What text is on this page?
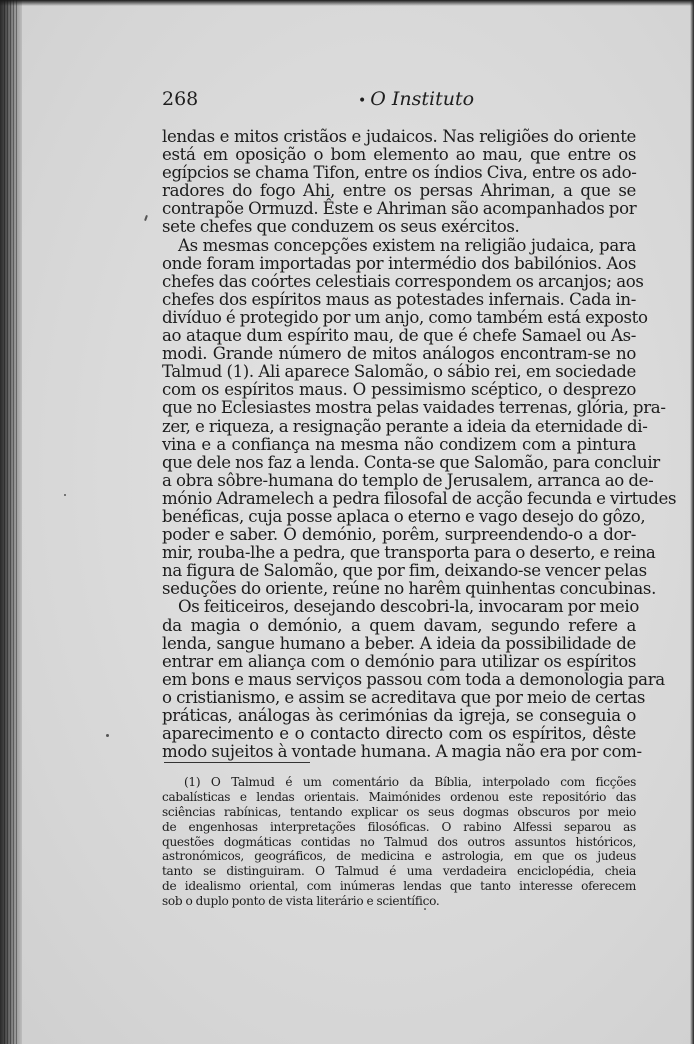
268	• O Instituto
lendas e mitos cristãos e judaicos. Nas religiões do oriente
está em oposição o bom elemento ao mau, que entre os
egípcios se chama Tifon, entre os índios Civa, entre os ado-
radores do fogo Ahi, entre os persas Ahriman, a que se
contrapõe Ormuzd. Êste e Ahriman são acompanhados por
sete chefes que conduzem os seus exércitos.
As mesmas concepções existem na religião judaica, para
onde foram importadas por intermédio dos babilónios. Aos
chefes das coórtes celestiais correspondem os arcanjos; aos
chefes dos espíritos maus as potestades infernais. Cada in-
divíduo é protegido por um anjo, como também está exposto
ao ataque dum espírito mau, de que é chefe Samael ou As-
modi. Grande número de mitos análogos encontram-se no
Talmud (1). Ali aparece Salomão, o sábio rei, em sociedade
com os espíritos maus. O pessimismo scéptico, o desprezo
que no Eclesiastes mostra pelas vaidades terrenas, glória, pra-
zer, e riqueza, a resignação perante a ideia da eternidade di-
vina e a confiança na mesma não condizem com a pintura
que dele nos faz a lenda. Conta-se que Salomão, para concluir
a obra sôbre-humana do templo de Jerusalem, arranca ao de-
mónio Adramelech a pedra filosofal de acção fecunda e virtudes
benéficas, cuja posse aplaca o eterno e vago desejo do gôzo,
poder e saber. O demónio, porêm, surpreendendo-o a dor-
mir, rouba-lhe a pedra, que transporta para o deserto, e reina
na figura de Salomão, que por fim, deixando-se vencer pelas
seduções do oriente, reúne no harêm quinhentas concubinas.
Os feiticeiros, desejando descobri-la, invocaram por meio
da magia o demónio, a quem davam, segundo refere a
lenda, sangue humano a beber. A ideia da possibilidade de
entrar em aliança com o demónio para utilizar os espíritos
em bons e maus serviços passou com toda a demonologia para
o cristianismo, e assim se acreditava que por meio de certas
práticas, análogas às cerimónias da igreja, se conseguia o
aparecimento e o contacto directo com os espíritos, dêste
modo sujeitos à vontade humana. A magia não era por com-
(1) O Talmud é um comentário da Bíblia, interpolado com ficções
cabalísticas e lendas orientais. Maimónides ordenou este repositório das
sciências rabínicas, tentando explicar os seus dogmas obscuros por meio
de engenhosas interpretações filosóficas. O rabino Alfessi separou as
questões dogmáticas contidas no Talmud dos outros assuntos históricos,
astronómicos, geográficos, de medicina e astrologia, em que os judeus
tanto se distinguiram. O Talmud é uma verdadeira enciclopédia, cheia
de idealismo oriental, com inúmeras lendas que tanto interesse oferecem
sob o duplo ponto de vista literário e scientífico.
